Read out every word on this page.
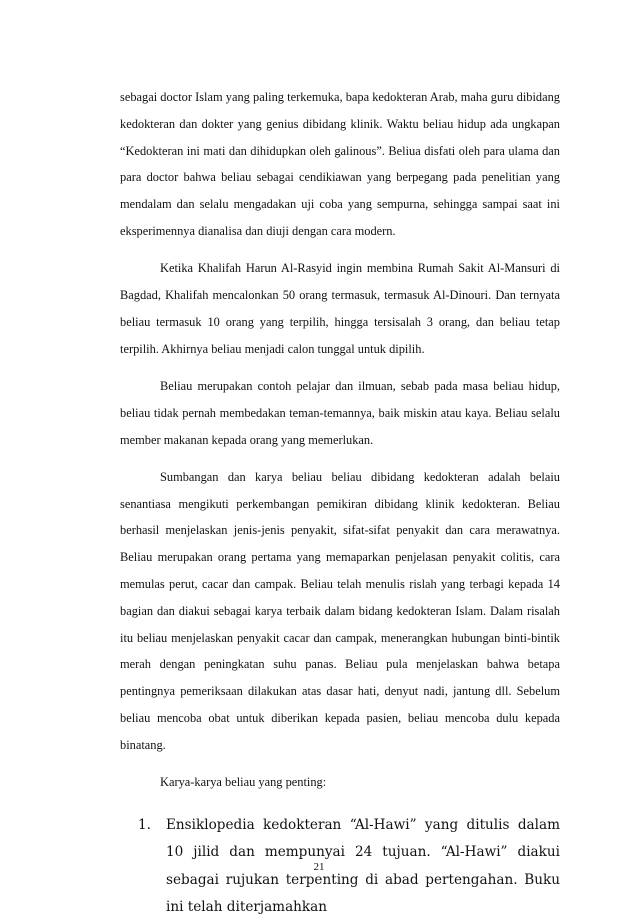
sebagai doctor Islam yang paling terkemuka, bapa kedokteran Arab, maha guru dibidang kedokteran dan dokter yang genius dibidang klinik. Waktu beliau hidup ada ungkapan “Kedokteran ini mati dan dihidupkan oleh galinous”. Beliua disfati oleh para ulama dan para doctor bahwa beliau sebagai cendikiawan yang berpegang pada penelitian yang mendalam dan selalu mengadakan uji coba yang sempurna, sehingga sampai saat ini eksperimennya dianalisa dan diuji dengan cara modern.

Ketika Khalifah Harun Al-Rasyid ingin membina Rumah Sakit Al-Mansuri di Bagdad, Khalifah mencalonkan 50 orang termasuk, termasuk Al-Dinouri. Dan ternyata beliau termasuk 10 orang yang terpilih, hingga tersisalah 3 orang, dan beliau tetap terpilih. Akhirnya beliau menjadi calon tunggal untuk dipilih.

Beliau merupakan contoh pelajar dan ilmuan, sebab pada masa beliau hidup, beliau tidak pernah membedakan teman-temannya, baik miskin atau kaya. Beliau selalu member makanan kepada orang yang memerlukan.

Sumbangan dan karya beliau beliau dibidang kedokteran adalah belaiu senantiasa mengikuti perkembangan pemikiran dibidang klinik kedokteran. Beliau berhasil menjelaskan jenis-jenis penyakit, sifat-sifat penyakit dan cara merawatnya. Beliau merupakan orang pertama yang memaparkan penjelasan penyakit colitis, cara memulas perut, cacar dan campak. Beliau telah menulis rislah yang terbagi kepada 14 bagian dan diakui sebagai karya terbaik dalam bidang kedokteran Islam. Dalam risalah itu beliau menjelaskan penyakit cacar dan campak, menerangkan hubungan binti-bintik merah dengan peningkatan suhu panas. Beliau pula menjelaskan bahwa betapa pentingnya pemeriksaan dilakukan atas dasar hati, denyut nadi, jantung dll. Sebelum beliau mencoba obat untuk diberikan kepada pasien, beliau mencoba dulu kepada binatang.

Karya-karya beliau yang penting:

1. Ensiklopedia kedokteran “Al-Hawi” yang ditulis dalam 10 jilid dan mempunyai 24 tujuan. “Al-Hawi” diakui sebagai rujukan terpenting di abad pertengahan. Buku ini telah diterjamahkan
21
